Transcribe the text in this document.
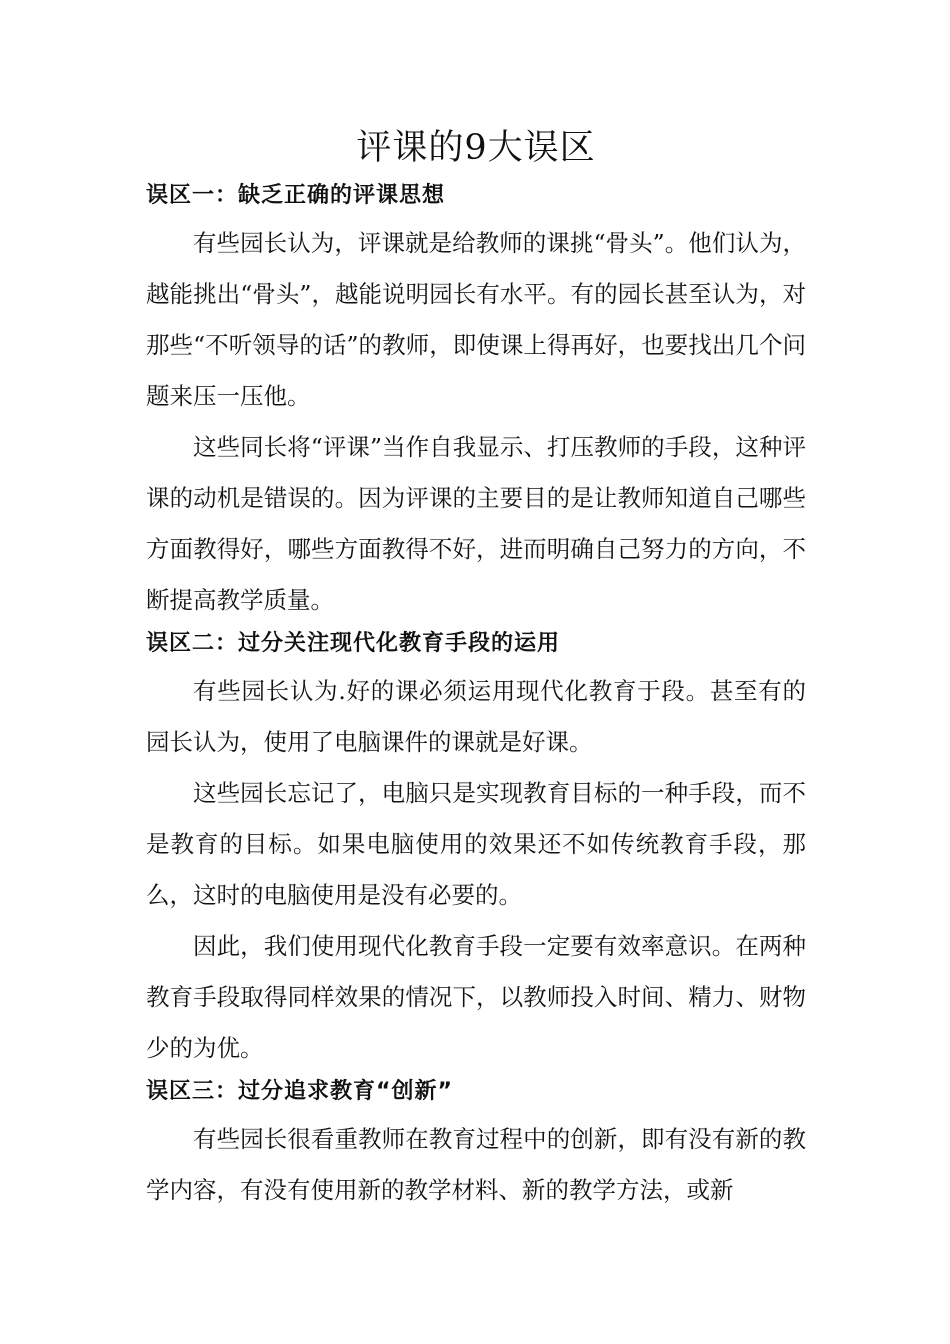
评课的9大误区
误区一：缺乏正确的评课思想

有些园长认为，评课就是给教师的课挑“骨头”。他们认为，越能挑出“骨头”，越能说明园长有水平。有的园长甚至认为，对那些“不听领导的话”的教师，即使课上得再好，也要找出几个问题来压一压他。

这些同长将“评课”当作自我显示、打压教师的手段，这种评课的动机是错误的。因为评课的主要目的是让教师知道自己哪些方面教得好，哪些方面教得不好，进而明确自己努力的方向，不断提高教学质量。

误区二：过分关注现代化教育手段的运用

有些园长认为.好的课必须运用现代化教育于段。甚至有的园长认为，使用了电脑课件的课就是好课。

这些园长忘记了，电脑只是实现教育目标的一种手段，而不是教育的目标。如果电脑使用的效果还不如传统教育手段，那么，这时的电脑使用是没有必要的。

因此，我们使用现代化教育手段一定要有效率意识。在两种教育手段取得同样效果的情况下，以教师投入时间、精力、财物少的为优。

误区三：过分追求教育“创新”

有些园长很看重教师在教育过程中的创新，即有没有新的教学内容，有没有使用新的教学材料、新的教学方法，或新
